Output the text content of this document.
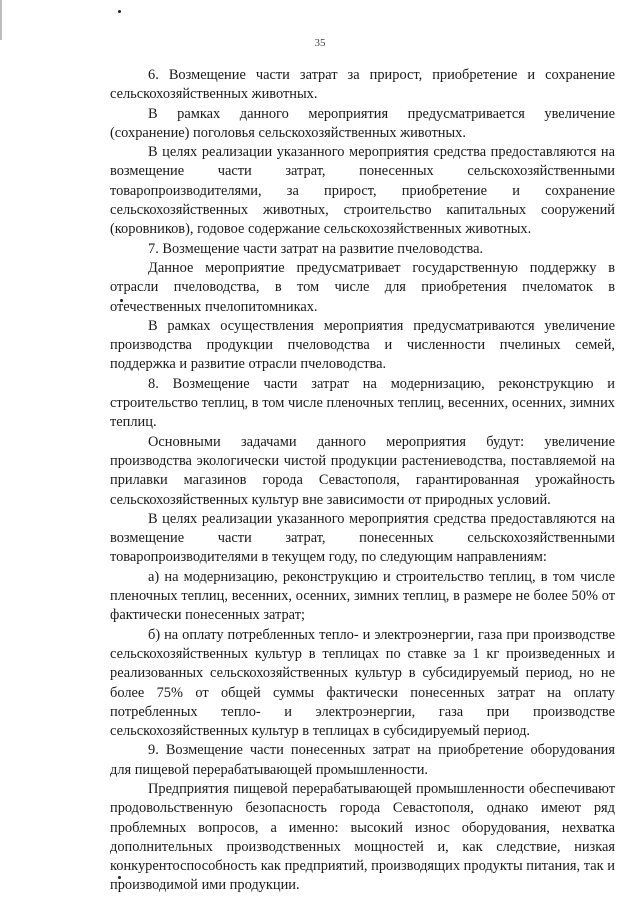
35

6. Возмещение части затрат за прирост, приобретение и сохранение сельскохозяйственных животных.

В рамках данного мероприятия предусматривается увеличение (сохранение) поголовья сельскохозяйственных животных.

В целях реализации указанного мероприятия средства предоставляются на возмещение части затрат, понесенных сельскохозяйственными товаропроизводителями, за прирост, приобретение и сохранение сельскохозяйственных животных, строительство капитальных сооружений (коровников), годовое содержание сельскохозяйственных животных.

7. Возмещение части затрат на развитие пчеловодства.

Данное мероприятие предусматривает государственную поддержку в отрасли пчеловодства, в том числе для приобретения пчеломаток в отечественных пчелопитомниках.

В рамках осуществления мероприятия предусматриваются увеличение производства продукции пчеловодства и численности пчелиных семей, поддержка и развитие отрасли пчеловодства.

8. Возмещение части затрат на модернизацию, реконструкцию и строительство теплиц, в том числе пленочных теплиц, весенних, осенних, зимних теплиц.

Основными задачами данного мероприятия будут: увеличение производства экологически чистой продукции растениеводства, поставляемой на прилавки магазинов города Севастополя, гарантированная урожайность сельскохозяйственных культур вне зависимости от природных условий.

В целях реализации указанного мероприятия средства предоставляются на возмещение части затрат, понесенных сельскохозяйственными товаропроизводителями в текущем году, по следующим направлениям:

а) на модернизацию, реконструкцию и строительство теплиц, в том числе пленочных теплиц, весенних, осенних, зимних теплиц, в размере не более 50% от фактически понесенных затрат;

б) на оплату потребленных тепло- и электроэнергии, газа при производстве сельскохозяйственных культур в теплицах по ставке за 1 кг произведенных и реализованных сельскохозяйственных культур в субсидируемый период, но не более 75% от общей суммы фактически понесенных затрат на оплату потребленных тепло- и электроэнергии, газа при производстве сельскохозяйственных культур в теплицах в субсидируемый период.

9. Возмещение части понесенных затрат на приобретение оборудования для пищевой перерабатывающей промышленности.

Предприятия пищевой перерабатывающей промышленности обеспечивают продовольственную безопасность города Севастополя, однако имеют ряд проблемных вопросов, а именно: высокий износ оборудования, нехватка дополнительных производственных мощностей и, как следствие, низкая конкурентоспособность как предприятий, производящих продукты питания, так и производимой ими продукции.
